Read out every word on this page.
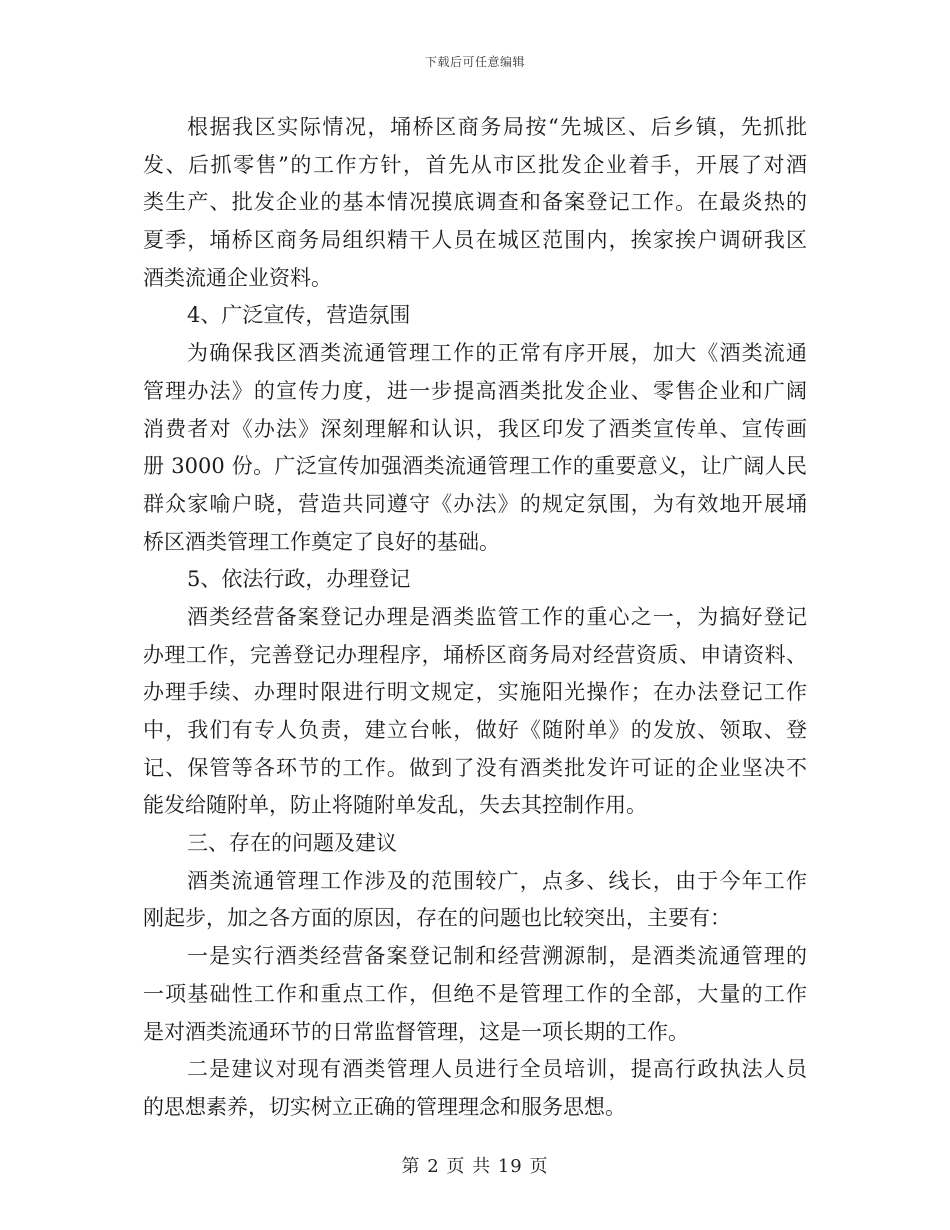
下载后可任意编辑
根据我区实际情况，埇桥区商务局按“先城区、后乡镇，先抓批
发、后抓零售”的工作方针，首先从市区批发企业着手，开展了对酒
类生产、批发企业的基本情况摸底调查和备案登记工作。在最炎热的
夏季，埇桥区商务局组织精干人员在城区范围内，挨家挨户调研我区
酒类流通企业资料。
4、广泛宣传，营造氛围
为确保我区酒类流通管理工作的正常有序开展，加大《酒类流通
管理办法》的宣传力度，进一步提高酒类批发企业、零售企业和广阔
消费者对《办法》深刻理解和认识，我区印发了酒类宣传单、宣传画
册 3000 份。广泛宣传加强酒类流通管理工作的重要意义，让广阔人民
群众家喻户晓，营造共同遵守《办法》的规定氛围，为有效地开展埇
桥区酒类管理工作奠定了良好的基础。
5、依法行政，办理登记
酒类经营备案登记办理是酒类监管工作的重心之一，为搞好登记
办理工作，完善登记办理程序，埇桥区商务局对经营资质、申请资料、
办理手续、办理时限进行明文规定，实施阳光操作；在办法登记工作
中，我们有专人负责，建立台帐，做好《随附单》的发放、领取、登
记、保管等各环节的工作。做到了没有酒类批发许可证的企业坚决不
能发给随附单，防止将随附单发乱，失去其控制作用。
三、存在的问题及建议
酒类流通管理工作涉及的范围较广，点多、线长，由于今年工作
刚起步，加之各方面的原因，存在的问题也比较突出，主要有：
一是实行酒类经营备案登记制和经营溯源制，是酒类流通管理的
一项基础性工作和重点工作，但绝不是管理工作的全部，大量的工作
是对酒类流通环节的日常监督管理，这是一项长期的工作。
二是建议对现有酒类管理人员进行全员培训，提高行政执法人员
的思想素养，切实树立正确的管理理念和服务思想。
第 2 页 共 19 页
